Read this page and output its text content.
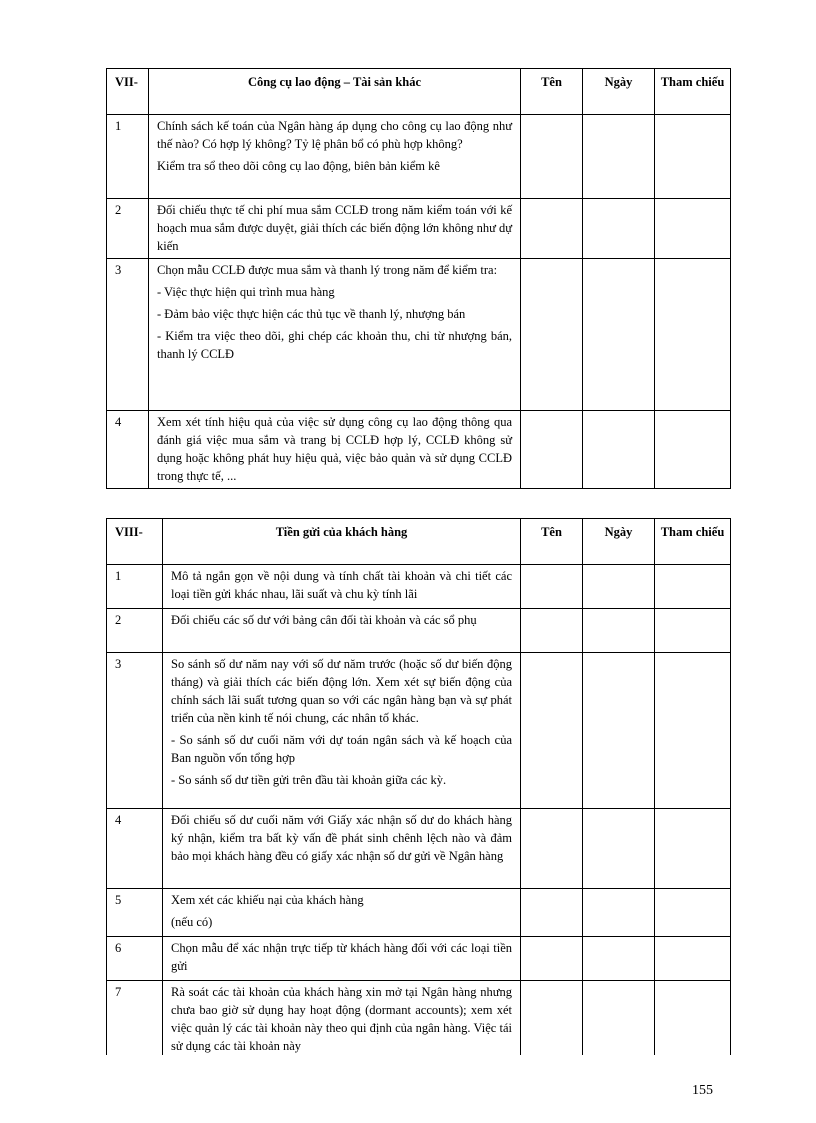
VII-	Công cụ lao động – Tài sản khác	Tên	Ngày	Tham chiếu
1	Chính sách kế toán của Ngân hàng áp dụng cho công cụ lao động như thế nào? Có hợp lý không? Tỷ lệ phân bổ có phù hợp không?
Kiểm tra sổ theo dõi công cụ lao động, biên bản kiểm kê			

2	Đối chiếu thực tế chi phí mua sắm CCLĐ trong năm kiểm toán với kế hoạch mua sắm được duyệt, giải thích các biến động lớn không như dự kiến			

3	Chọn mẫu CCLĐ được mua sắm và thanh lý trong năm để kiểm tra:
- Việc thực hiện qui trình mua hàng
- Đảm bảo việc thực hiện các thủ tục về thanh lý, nhượng bán
- Kiểm tra việc theo dõi, ghi chép các khoản thu, chi từ nhượng bán, thanh lý CCLĐ			

4	Xem xét tính hiệu quả của việc sử dụng công cụ lao động thông qua đánh giá việc mua sắm và trang bị CCLĐ hợp lý, CCLĐ không sử dụng hoặc không phát huy hiệu quả, việc bảo quản và sử dụng CCLĐ trong thực tế, ...			

VIII-	Tiền gửi của khách hàng	Tên	Ngày	Tham chiếu
1	Mô tả ngắn gọn về nội dung và tính chất tài khoản và chi tiết các loại tiền gửi khác nhau, lãi suất và chu kỳ tính lãi			

2	Đối chiếu các số dư với bảng cân đối tài khoản và các sổ phụ			

3	So sánh số dư năm nay với số dư năm trước (hoặc số dư biến động tháng) và giải thích các biến động lớn. Xem xét sự biến động của chính sách lãi suất tương quan so với các ngân hàng bạn và sự phát triển của nền kinh tế nói chung, các nhân tố khác.
- So sánh số dư cuối năm với dự toán ngân sách và kế hoạch của Ban nguồn vốn tổng hợp
- So sánh số dư tiền gửi trên đầu tài khoản giữa các kỳ.			

4	Đối chiếu số dư cuối năm với Giấy xác nhận số dư do khách hàng ký nhận, kiểm tra bất kỳ vấn đề phát sinh chênh lệch nào và đảm bảo mọi khách hàng đều có giấy xác nhận số dư gửi về Ngân hàng			

5	Xem xét các khiếu nại của khách hàng
(nếu có)			

6	Chọn mẫu để xác nhận trực tiếp từ khách hàng đối với các loại tiền gửi			

7	Rà soát các tài khoản của khách hàng xin mở tại Ngân hàng nhưng chưa bao giờ sử dụng hay hoạt động (dormant accounts); xem xét việc quản lý các tài khoản này theo qui định của ngân hàng. Việc tái sử dụng các tài khoản này			

155
